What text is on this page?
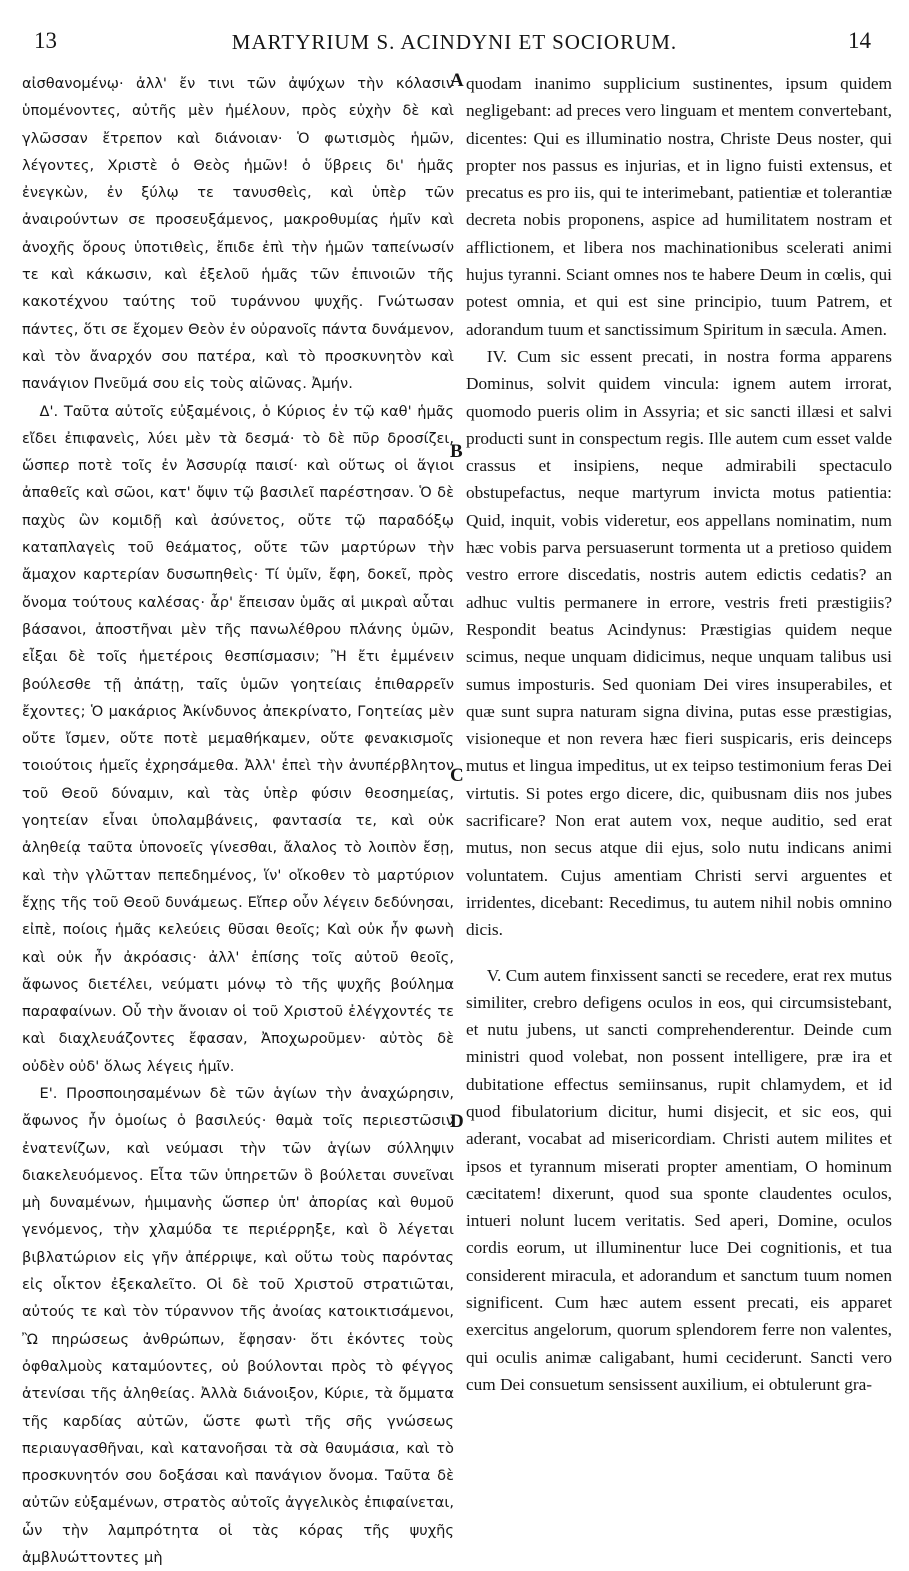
13	MARTYRIUM S. ACINDYNI ET SOCIORUM.	14

αἰσθανομένῳ· ἀλλ' ἔν τινι τῶν ἀψύχων τὴν κόλασιν ὑπομένοντες, αὐτῆς μὲν ἠμέλουν, πρὸς εὐχὴν δὲ καὶ γλῶσσαν ἔτρεπον καὶ διάνοιαν· Ὁ φωτισμὸς ἡμῶν, λέγοντες, Χριστὲ ὁ Θεὸς ἡμῶν! ὁ ὕβρεις δι' ἡμᾶς ἐνεγκὼν, ἐν ξύλῳ τε τανυσθεὶς, καὶ ὑπὲρ τῶν ἀναιρούντων σε προσευξάμενος, μακροθυμίας ἡμῖν καὶ ἀνοχῆς ὅρους ὑποτιθεὶς, ἔπιδε ἐπὶ τὴν ἡμῶν ταπείνωσίν τε καὶ κάκωσιν, καὶ ἐξελοῦ ἡμᾶς τῶν ἐπινοιῶν τῆς κακοτέχνου ταύτης τοῦ τυράννου ψυχῆς. Γνώτωσαν πάντες, ὅτι σε ἔχομεν Θεὸν ἐν οὐρανοῖς πάντα δυνάμενον, καὶ τὸν ἄναρχόν σου πατέρα, καὶ τὸ προσκυνητὸν καὶ πανάγιον Πνεῦμά σου εἰς τοὺς αἰῶνας. Ἀμήν.

Δ'. Ταῦτα αὐτοῖς εὐξαμένοις, ὁ Κύριος ἐν τῷ καθ' ἡμᾶς εἴδει ἐπιφανεὶς, λύει μὲν τὰ δεσμά· τὸ δὲ πῦρ δροσίζει, ὥσπερ ποτὲ τοῖς ἐν Ἀσσυρίᾳ παισί· καὶ οὕτως οἱ ἅγιοι ἀπαθεῖς καὶ σῶοι, κατ' ὄψιν τῷ βασιλεῖ παρέστησαν. Ὁ δὲ παχὺς ὢν κομιδῇ καὶ ἀσύνετος, οὔτε τῷ παραδόξῳ καταπλαγεὶς τοῦ θεάματος, οὔτε τῶν μαρτύρων τὴν ἄμαχον καρτερίαν δυσωπηθεὶς· Τί ὑμῖν, ἔφη, δοκεῖ, πρὸς ὄνομα τούτους καλέσας· ἆρ' ἔπεισαν ὑμᾶς αἱ μικραὶ αὗται βάσανοι, ἀποστῆναι μὲν τῆς πανωλέθρου πλάνης ὑμῶν, εἶξαι δὲ τοῖς ἡμετέροις θεσπίσμασιν; Ἢ ἔτι ἐμμένειν βούλεσθε τῇ ἀπάτῃ, ταῖς ὑμῶν γοητείαις ἐπιθαρρεῖν ἔχοντες; Ὁ μακάριος Ἀκίνδυνος ἀπεκρίνατο, Γοητείας μὲν οὔτε ἴσμεν, οὔτε ποτὲ μεμαθήκαμεν, οὔτε φενακισμοῖς τοιούτοις ἡμεῖς ἐχρησάμεθα. Ἀλλ' ἐπεὶ τὴν ἀνυπέρβλητον τοῦ Θεοῦ δύναμιν, καὶ τὰς ὑπὲρ φύσιν θεοσημείας, γοητείαν εἶναι ὑπολαμβάνεις, φαντασία τε, καὶ οὐκ ἀληθείᾳ ταῦτα ὑπονοεῖς γίνεσθαι, ἄλαλος τὸ λοιπὸν ἔσῃ, καὶ τὴν γλῶτταν πεπεδημένος, ἵν' οἴκοθεν τὸ μαρτύριον ἔχῃς τῆς τοῦ Θεοῦ δυνάμεως. Εἴπερ οὖν λέγειν δεδύνησαι, εἰπὲ, ποίοις ἡμᾶς κελεύεις θῦσαι θεοῖς; Καὶ οὐκ ἦν φωνὴ καὶ οὐκ ἦν ἀκρόασις· ἀλλ' ἐπίσης τοῖς αὐτοῦ θεοῖς, ἄφωνος διετέλει, νεύματι μόνῳ τὸ τῆς ψυχῆς βούλημα παραφαίνων. Οὗ τὴν ἄνοιαν οἱ τοῦ Χριστοῦ ἐλέγχοντές τε καὶ διαχλευάζοντες ἔφασαν, Ἀποχωροῦμεν· αὐτὸς δὲ οὐδὲν οὐδ' ὅλως λέγεις ἡμῖν.

Ε'. Προσποιησαμένων δὲ τῶν ἁγίων τὴν ἀναχώρησιν, ἄφωνος ἦν ὁμοίως ὁ βασιλεύς· θαμὰ τοῖς περιεστῶσιν ἐνατενίζων, καὶ νεύμασι τὴν τῶν ἁγίων σύλληψιν διακελευόμενος. Εἶτα τῶν ὑπηρετῶν ὃ βούλεται συνεῖναι μὴ δυναμένων, ἡμιμανὴς ὥσπερ ὑπ' ἀπορίας καὶ θυμοῦ γενόμενος, τὴν χλαμύδα τε περιέρρηξε, καὶ ὃ λέγεται βιβλατώριον εἰς γῆν ἀπέρριψε, καὶ οὕτω τοὺς παρόντας εἰς οἶκτον ἐξεκαλεῖτο. Οἱ δὲ τοῦ Χριστοῦ στρατιῶται, αὐτούς τε καὶ τὸν τύραννον τῆς ἀνοίας κατοικτισάμενοι, Ὢ πηρώσεως ἀνθρώπων, ἔφησαν· ὅτι ἑκόντες τοὺς ὀφθαλμοὺς καταμύοντες, οὐ βούλονται πρὸς τὸ φέγγος ἀτενίσαι τῆς ἀληθείας. Ἀλλὰ διάνοιξον, Κύριε, τὰ ὄμματα τῆς καρδίας αὐτῶν, ὥστε φωτὶ τῆς σῆς γνώσεως περιαυγασθῆναι, καὶ κατανοῆσαι τὰ σὰ θαυμάσια, καὶ τὸ προσκυνητόν σου δοξάσαι καὶ πανάγιον ὄνομα. Ταῦτα δὲ αὐτῶν εὐξαμένων, στρατὸς αὐτοῖς ἀγγελικὸς ἐπιφαίνεται, ὧν τὴν λαμπρότητα οἱ τὰς κόρας τῆς ψυχῆς ἀμβλυώττοντες μὴ

quodam inanimo supplicium sustinentes, ipsum quidem negligebant: ad preces vero linguam et mentem convertebant, dicentes: Qui es illuminatio nostra, Christe Deus noster, qui propter nos passus es injurias, et in ligno fuisti extensus, et precatus es pro iis, qui te interimebant, patientiæ et tolerantiæ decreta nobis proponens, aspice ad humilitatem nostram et afflictionem, et libera nos machinationibus scelerati animi hujus tyranni. Sciant omnes nos te habere Deum in cœlis, qui potest omnia, et qui est sine principio, tuum Patrem, et adorandum tuum et sanctissimum Spiritum in sæcula. Amen.

IV. Cum sic essent precati, in nostra forma apparens Dominus, solvit quidem vincula: ignem autem irrorat, quomodo pueris olim in Assyria; et sic sancti illæsi et salvi producti sunt in conspectum regis. Ille autem cum esset valde crassus et insipiens, neque admirabili spectaculo obstupefactus, neque martyrum invicta motus patientia: Quid, inquit, vobis videretur, eos appellans nominatim, num hæc vobis parva persuaserunt tormenta ut a pretioso quidem vestro errore discedatis, nostris autem edictis cedatis? an adhuc vultis permanere in errore, vestris freti præstigiis? Respondit beatus Acindynus: Præstigias quidem neque scimus, neque unquam didicimus, neque unquam talibus usi sumus imposturis. Sed quoniam Dei vires insuperabiles, et quæ sunt supra naturam signa divina, putas esse præstigias, visioneque et non revera hæc fieri suspicaris, eris deinceps mutus et lingua impeditus, ut ex teipso testimonium feras Dei virtutis. Si potes ergo dicere, dic, quibusnam diis nos jubes sacrificare? Non erat autem vox, neque auditio, sed erat mutus, non secus atque dii ejus, solo nutu indicans animi voluntatem. Cujus amentiam Christi servi arguentes et irridentes, dicebant: Recedimus, tu autem nihil nobis omnino dicis.

V. Cum autem finxissent sancti se recedere, erat rex mutus similiter, crebro defigens oculos in eos, qui circumsistebant, et nutu jubens, ut sancti comprehenderentur. Deinde cum ministri quod volebat, non possent intelligere, præ ira et dubitatione effectus semiinsanus, rupit chlamydem, et id quod fibulatorium dicitur, humi disjecit, et sic eos, qui aderant, vocabat ad misericordiam. Christi autem milites et ipsos et tyrannum miserati propter amentiam, O hominum cæcitatem! dixerunt, quod sua sponte claudentes oculos, intueri nolunt lucem veritatis. Sed aperi, Domine, oculos cordis eorum, ut illuminentur luce Dei cognitionis, et tua considerent miracula, et adorandum et sanctum tuum nomen significent. Cum hæc autem essent precati, eis apparet exercitus angelorum, quorum splendorem ferre non valentes, qui oculis animæ caligabant, humi ceciderunt. Sancti vero cum Dei consuetum sensissent auxilium, ei obtulerunt gra-

A
B
C
D
